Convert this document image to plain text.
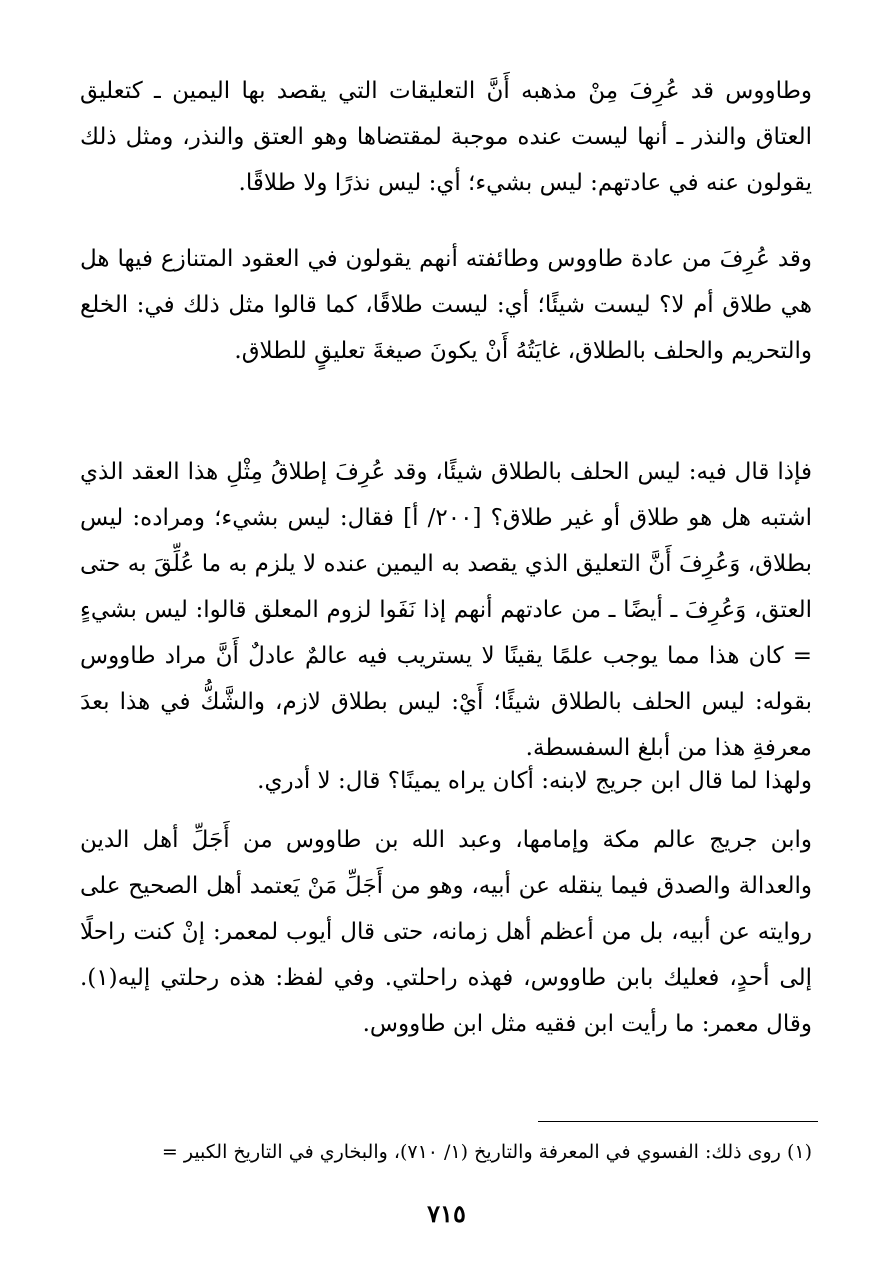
وطاووس قد عُرِفَ مِنْ مذهبه أَنَّ التعليقات التي يقصد بها اليمين ـ كتعليق العتاق والنذر ـ أنها ليست عنده موجبة لمقتضاها وهو العتق والنذر، ومثل ذلك يقولون عنه في عادتهم: ليس بشيء؛ أي: ليس نذرًا ولا طلاقًا.

وقد عُرِفَ من عادة طاووس وطائفته أنهم يقولون في العقود المتنازع فيها هل هي طلاق أم لا؟ ليست شيئًا؛ أي: ليست طلاقًا، كما قالوا مثل ذلك في: الخلع والتحريم والحلف بالطلاق، غايَتُهُ أَنْ يكونَ صيغةَ تعليقٍ للطلاق.

فإذا قال فيه: ليس الحلف بالطلاق شيئًا، وقد عُرِفَ إطلاقُ مِثْلِ هذا العقد الذي اشتبه هل هو طلاق أو غير طلاق؟ [٢٠٠/ أ] فقال: ليس بشيء؛ ومراده: ليس بطلاق، وَعُرِفَ أَنَّ التعليق الذي يقصد به اليمين عنده لا يلزم به ما عُلِّقَ به حتى العتق، وَعُرِفَ ـ أيضًا ـ من عادتهم أنهم إذا نَفَوا لزوم المعلق قالوا: ليس بشيءٍ = كان هذا مما يوجب علمًا يقينًا لا يستريب فيه عالمٌ عادلٌ أَنَّ مراد طاووس بقوله: ليس الحلف بالطلاق شيئًا؛ أَيْ: ليس بطلاق لازم، والشَّكُّ في هذا بعدَ معرفةِ هذا من أبلغ السفسطة.

ولهذا لما قال ابن جريج لابنه: أكان يراه يمينًا؟ قال: لا أدري.

وابن جريج عالم مكة وإمامها، وعبد الله بن طاووس من أَجَلِّ أهل الدين والعدالة والصدق فيما ينقله عن أبيه، وهو من أَجَلِّ مَنْ يَعتمد أهل الصحيح على روايته عن أبيه، بل من أعظم أهل زمانه، حتى قال أيوب لمعمر: إنْ كنت راحلًا إلى أحدٍ، فعليك بابن طاووس، فهذه راحلتي. وفي لفظ: هذه رحلتي إليه(١). وقال معمر: ما رأيت ابن فقيه مثل ابن طاووس.

(١) روى ذلك: الفسوي في المعرفة والتاريخ (١/ ٧١٠)، والبخاري في التاريخ الكبير =

٧١٥
